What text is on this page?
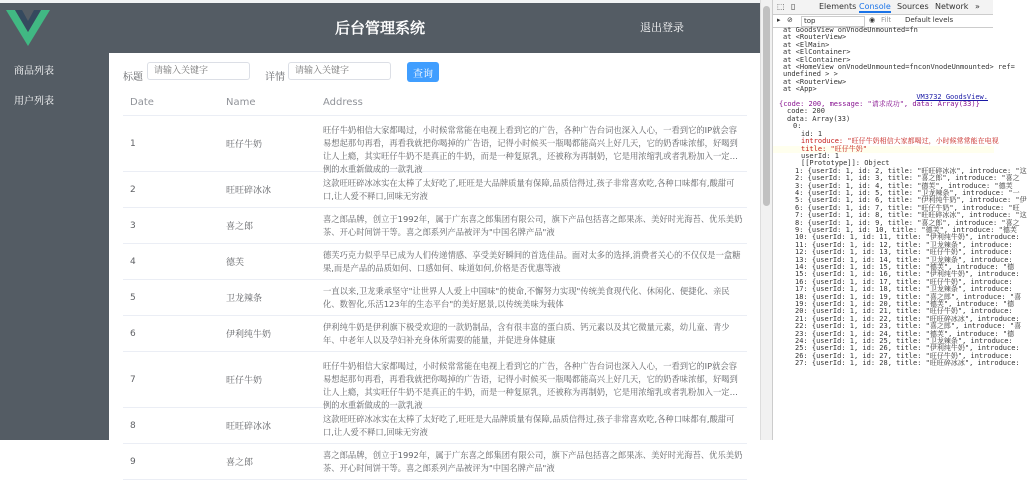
后台管理系统	退出登录
商品列表
用户列表
标题
请输入关键字	详情
请输入关键字	查询
Date	Name	Address
1	旺仔牛奶	旺仔牛奶相信大家都喝过，小时候常常能在电视上看到它的广告，各种广告台词也深入人心，一看到它的IP就会容易想起那句再看，再看我就把你喝掉的广告语，记得小时候买一瓶喝都能高兴上好几天，它的奶香味浓郁，好喝到让人上瘾，其实旺仔牛奶不是真正的牛奶，而是一种复原乳，还被称为再制奶，它是用浓缩乳或者乳粉加入一定比例的水重新做成的一款乳液

2	旺旺碎冰冰	这款旺旺碎冰冰实在太棒了太好吃了,旺旺是大品牌质量有保障,品质信得过,孩子非常喜欢吃,各种口味都有,酸甜可口,让人爱不释口,回味无穷液

3	喜之郎	喜之郎品牌，创立于1992年，属于广东喜之郎集团有限公司，旗下产品包括喜之郎果冻、美好时光海苔、优乐美奶茶、开心时间饼干等。喜之郎系列产品被评为"中国名牌产品"液

4	德芙	德芙巧克力似乎早已成为人们传递情感、享受美好瞬间的首选佳品。面对太多的选择,消费者关心的不仅仅是一盒糖果,而是产品的品质如何、口感如何、味道如何,价格是否优惠等液

5	卫龙辣条	一直以来,卫龙秉承坚守"让世界人人爱上中国味"的使命,不懈努力实现"传统美食现代化、休闲化、便捷化、亲民化、数智化,乐活123年的生态平台"的美好愿景,以传统美味为载体

6	伊利纯牛奶	伊利纯牛奶是伊利旗下极受欢迎的一款奶制品，含有很丰富的蛋白质、钙元素以及其它微量元素，幼儿童、青少年、中老年人以及孕妇补充身体所需要的能量，并促进身体健康

7	旺仔牛奶	旺仔牛奶相信大家都喝过，小时候常常能在电视上看到它的广告，各种广告台词也深入人心，一看到它的IP就会容易想起那句再看，再看我就把你喝掉的广告语，记得小时候买一瓶喝都能高兴上好几天，它的奶香味浓郁，好喝到让人上瘾，其实旺仔牛奶不是真正的牛奶，而是一种复原乳，还被称为再制奶，它是用浓缩乳或者乳粉加入一定比例的水重新做成的一款乳液

8	旺旺碎冰冰	这款旺旺碎冰冰实在太棒了太好吃了,旺旺是大品牌质量有保障,品质信得过,孩子非常喜欢吃,各种口味都有,酸甜可口,让人爱不释口,回味无穷液

9	喜之郎	喜之郎品牌，创立于1992年，属于广东喜之郎集团有限公司，旗下产品包括喜之郎果冻、美好时光海苔、优乐美奶茶、开心时间饼干等。喜之郎系列产品被评为"中国名牌产品"液
⬚ ▯	Elements Console Sources Network »
▸ ⊘	top	◉ Filt Default levels
at GoodsView onVnodeUnmounted=fn
at <RouterView>
at <ElMain>
at <ElContainer>
at <ElContainer>
at <HomeView onVnodeUnmounted=fnconVnodeUnmounted> ref=
undefined > >
at <RouterView>
at <App>
VM3732 GoodsView.
{code: 200, message: "请求成功", data: Array(33)}
code: 200
data: Array(33)
0:
id: 1
introduce: "旺仔牛奶相信大家都喝过，小时候常常能在电视
title: "旺仔牛奶"
userId: 1
[[Prototype]]: Object
1: {userId: 1, id: 2, title: "旺旺碎冰冰", introduce: "这
2: {userId: 1, id: 3, title: "喜之郎", introduce: "喜之
3: {userId: 1, id: 4, title: "德芙", introduce: "德芙
4: {userId: 1, id: 5, title: "卫龙辣条", introduce: "一
5: {userId: 1, id: 6, title: "伊利纯牛奶", introduce: "伊
6: {userId: 1, id: 7, title: "旺仔牛奶", introduce: "旺
7: {userId: 1, id: 8, title: "旺旺碎冰冰", introduce: "这
8: {userId: 1, id: 9, title: "喜之郎", introduce: "喜之
9: {userId: 1, id: 10, title: "德芙", introduce: "德芙
10: {userId: 1, id: 11, title: "伊利纯牛奶", introduce:
11: {userId: 1, id: 12, title: "卫龙辣条", introduce:
12: {userId: 1, id: 13, title: "旺仔牛奶", introduce:
13: {userId: 1, id: 14, title: "卫龙辣条", introduce:
14: {userId: 1, id: 15, title: "德芙", introduce: "德
15: {userId: 1, id: 16, title: "伊利纯牛奶", introduce:
16: {userId: 1, id: 17, title: "旺仔牛奶", introduce:
17: {userId: 1, id: 18, title: "卫龙辣条", introduce:
18: {userId: 1, id: 19, title: "喜之郎", introduce: "喜
19: {userId: 1, id: 20, title: "德芙", introduce: "德
20: {userId: 1, id: 21, title: "旺仔牛奶", introduce:
21: {userId: 1, id: 22, title: "旺旺碎冰冰", introduce:
22: {userId: 1, id: 23, title: "喜之郎", introduce: "喜
23: {userId: 1, id: 24, title: "德芙", introduce: "德
24: {userId: 1, id: 25, title: "卫龙辣条", introduce:
25: {userId: 1, id: 26, title: "伊利纯牛奶", introduce:
26: {userId: 1, id: 27, title: "旺仔牛奶", introduce:
27: {userId: 1, id: 28, title: "旺旺碎冰冰", introduce:
